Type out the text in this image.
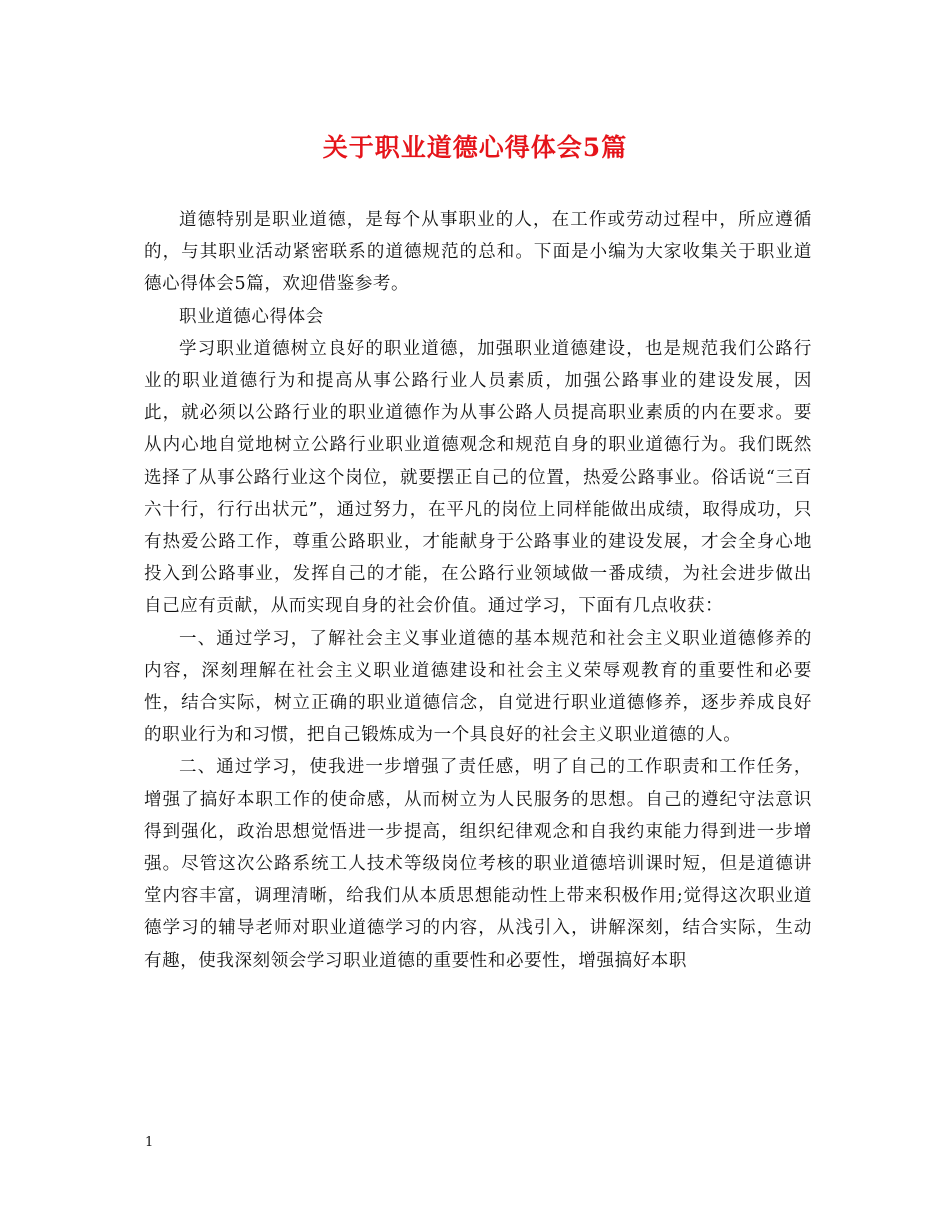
关于职业道德心得体会5篇

道德特别是职业道德，是每个从事职业的人，在工作或劳动过程中，所应遵循的，与其职业活动紧密联系的道德规范的总和。下面是小编为大家收集关于职业道德心得体会5篇，欢迎借鉴参考。

职业道德心得体会

学习职业道德树立良好的职业道德，加强职业道德建设，也是规范我们公路行业的职业道德行为和提高从事公路行业人员素质，加强公路事业的建设发展，因此，就必须以公路行业的职业道德作为从事公路人员提高职业素质的内在要求。要从内心地自觉地树立公路行业职业道德观念和规范自身的职业道德行为。我们既然选择了从事公路行业这个岗位，就要摆正自己的位置，热爱公路事业。俗话说“三百六十行，行行出状元”，通过努力，在平凡的岗位上同样能做出成绩，取得成功，只有热爱公路工作，尊重公路职业，才能献身于公路事业的建设发展，才会全身心地投入到公路事业，发挥自己的才能，在公路行业领域做一番成绩，为社会进步做出自己应有贡献，从而实现自身的社会价值。通过学习，下面有几点收获：

一、通过学习，了解社会主义事业道德的基本规范和社会主义职业道德修养的内容，深刻理解在社会主义职业道德建设和社会主义荣辱观教育的重要性和必要性，结合实际，树立正确的职业道德信念，自觉进行职业道德修养，逐步养成良好的职业行为和习惯，把自己锻炼成为一个具良好的社会主义职业道德的人。

二、通过学习，使我进一步增强了责任感，明了自己的工作职责和工作任务，增强了搞好本职工作的使命感，从而树立为人民服务的思想。自己的遵纪守法意识得到强化，政治思想觉悟进一步提高，组织纪律观念和自我约束能力得到进一步增强。尽管这次公路系统工人技术等级岗位考核的职业道德培训课时短，但是道德讲堂内容丰富，调理清晰，给我们从本质思想能动性上带来积极作用;觉得这次职业道德学习的辅导老师对职业道德学习的内容，从浅引入，讲解深刻，结合实际，生动有趣，使我深刻领会学习职业道德的重要性和必要性，增强搞好本职

1
